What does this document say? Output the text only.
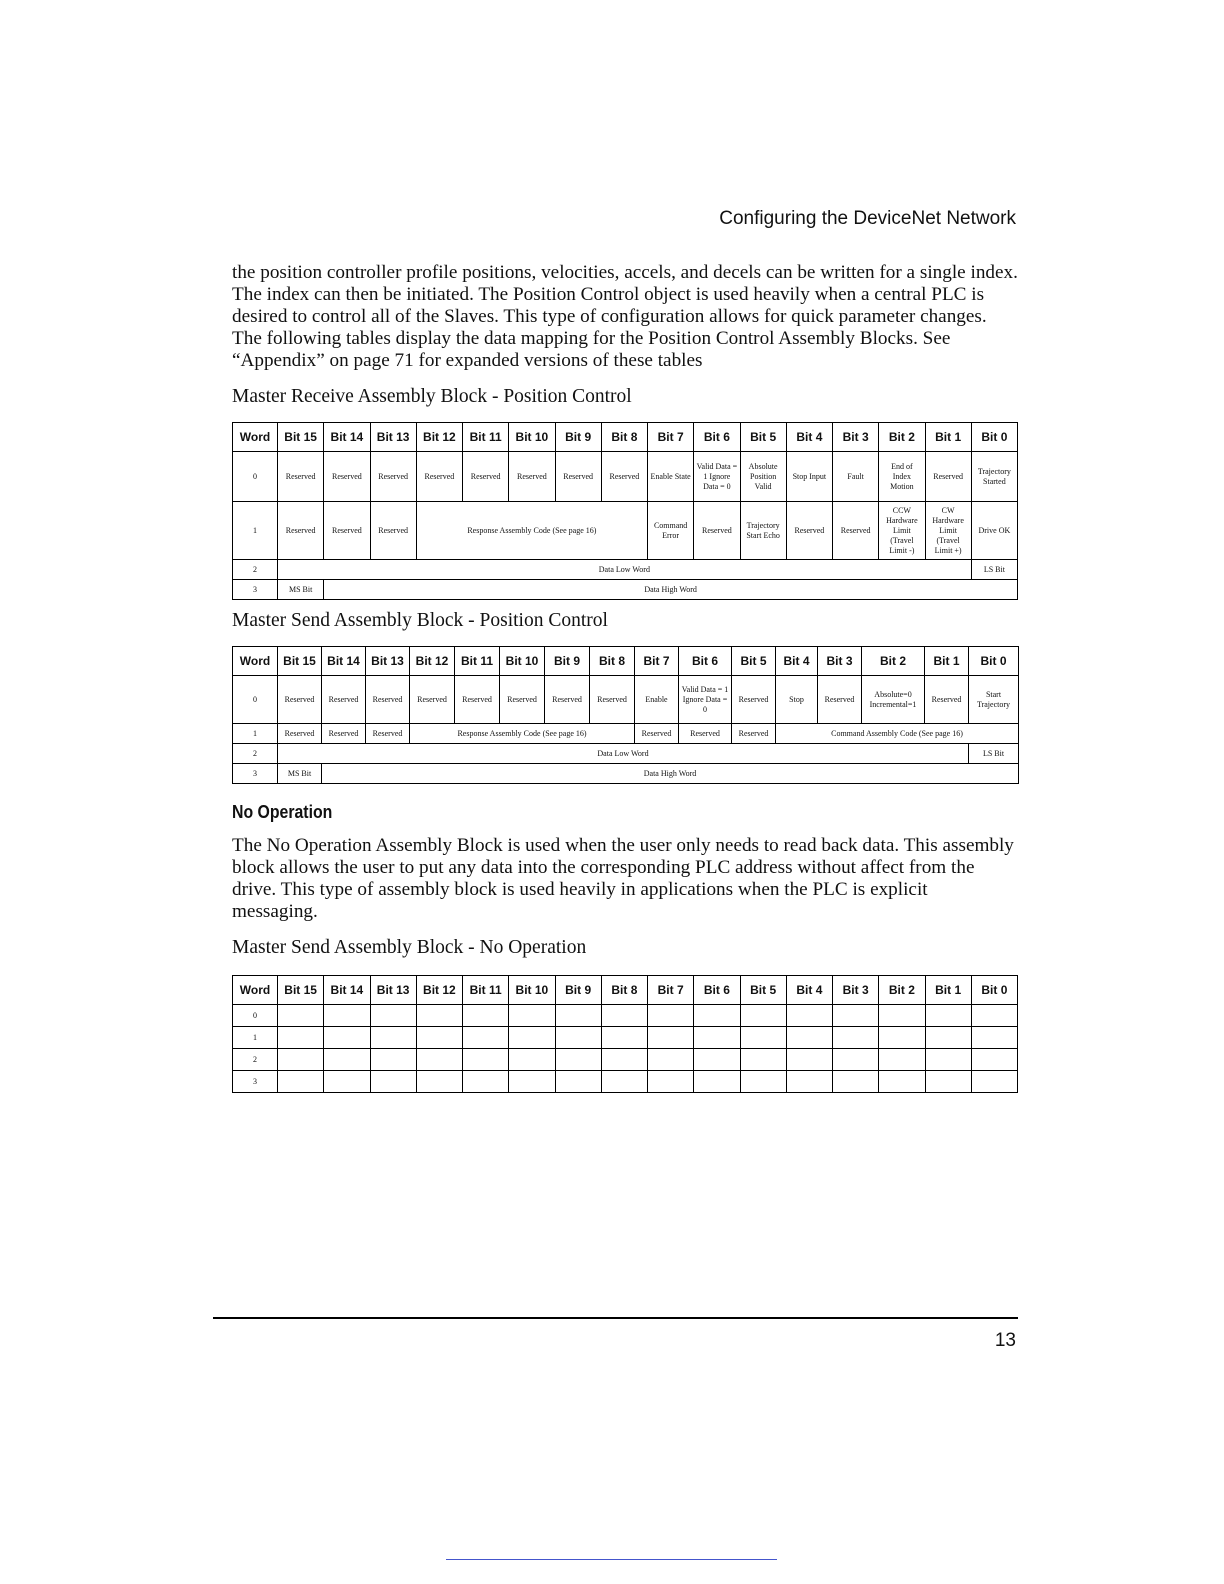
Configuring the DeviceNet Network

the position controller profile positions, velocities, accels, and decels can be written for a single index. The index can then be initiated. The Position Control object is used heavily when a central PLC is desired to control all of the Slaves. This type of configuration allows for quick parameter changes. The following tables display the data mapping for the Position Control Assembly Blocks. See “Appendix” on page 71 for expanded versions of these tables

Master Receive Assembly Block - Position Control

Word	Bit 15	Bit 14	Bit 13	Bit 12	Bit 11	Bit 10	Bit 9	Bit 8	Bit 7	Bit 6	Bit 5	Bit 4	Bit 3	Bit 2	Bit 1	Bit 0
0	Reserved	Reserved	Reserved	Reserved	Reserved	Reserved	Reserved	Reserved	Enable State	Valid Data = 1 Ignore Data = 0	Absolute Position Valid	Stop Input	Fault	End of Index Motion	Reserved	Trajectory Started
1	Reserved	Reserved	Reserved	Response Assembly Code (See page 16)					Command Error	Reserved	Trajectory Start Echo	Reserved	Reserved	CCW Hardware Limit (Travel Limit -)	CW Hardware Limit (Travel Limit +)	Drive OK
2	Data Low Word															LS Bit
3	MS Bit	Data High Word														

Master Send Assembly Block - Position Control

Word	Bit 15	Bit 14	Bit 13	Bit 12	Bit 11	Bit 10	Bit 9	Bit 8	Bit 7	Bit 6	Bit 5	Bit 4	Bit 3	Bit 2	Bit 1	Bit 0
0	Reserved	Reserved	Reserved	Reserved	Reserved	Reserved	Reserved	Reserved	Enable	Valid Data = 1 Ignore Data = 0	Reserved	Stop	Reserved	Absolute=0 Incremental=1	Reserved	Start Trajectory
1	Reserved	Reserved	Reserved	Response Assembly Code (See page 16)					Reserved	Reserved	Reserved	Command Assembly Code (See page 16)				
2	Data Low Word															LS Bit
3	MS Bit	Data High Word														

No Operation

The No Operation Assembly Block is used when the user only needs to read back data. This assembly block allows the user to put any data into the corresponding PLC address without affect from the drive. This type of assembly block is used heavily in applications when the PLC is explicit messaging.

Master Send Assembly Block - No Operation

Word	Bit 15	Bit 14	Bit 13	Bit 12	Bit 11	Bit 10	Bit 9	Bit 8	Bit 7	Bit 6	Bit 5	Bit 4	Bit 3	Bit 2	Bit 1	Bit 0
0																
1																
2																
3																
13
